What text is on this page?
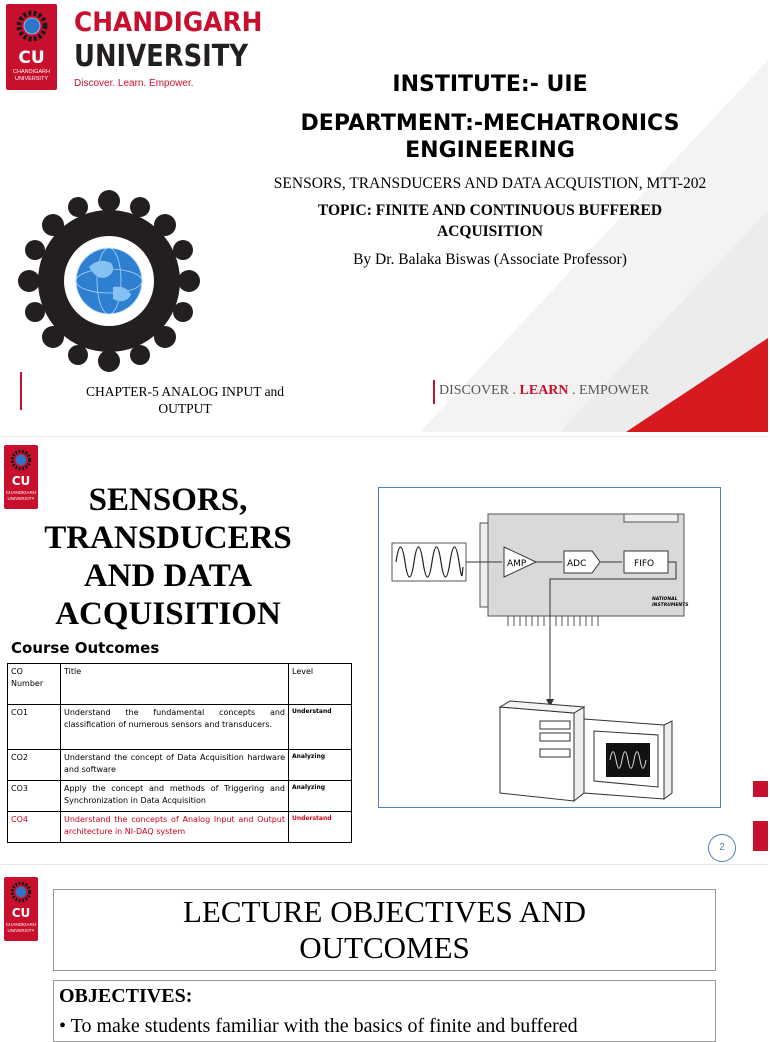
CU
CHANDIGARH
UNIVERSITY
CHANDIGARH
UNIVERSITY
Discover. Learn. Empower.	INSTITUTE:- UIE
DEPARTMENT:-MECHATRONICS
ENGINEERING
SENSORS, TRANSDUCERS AND DATA ACQUISTION, MTT-202
TOPIC: FINITE AND CONTINUOUS BUFFERED
ACQUISITION
By Dr. Balaka Biswas (Associate Professor)
CHAPTER-5 ANALOG INPUT and
OUTPUT
DISCOVER . LEARN . EMPOWER
CU
CHANDIGARH
UNIVERSITY	SENSORS,
TRANSDUCERS
AND DATA
ACQUISITION
Course Outcomes
CO Number	Title	Level
CO1	Understand the fundamental concepts and classification of numerous sensors and transducers.	Understand
CO2	Understand the concept of Data Acquisition hardware and software	Analyzing
CO3	Apply the concept and methods of Triggering and Synchronization in Data Acquisition	Analyzing
CO4	Understand the concepts of Analog Input and Output architecture in NI-DAQ system	Understand
AMP	ADC	FIFO
NATIONAL
INSTRUMENTS
2
CU
CHANDIGARH
UNIVERSITY
LECTURE OBJECTIVES AND
OUTCOMES
OBJECTIVES:
• To make students familiar with the basics of finite and buffered
